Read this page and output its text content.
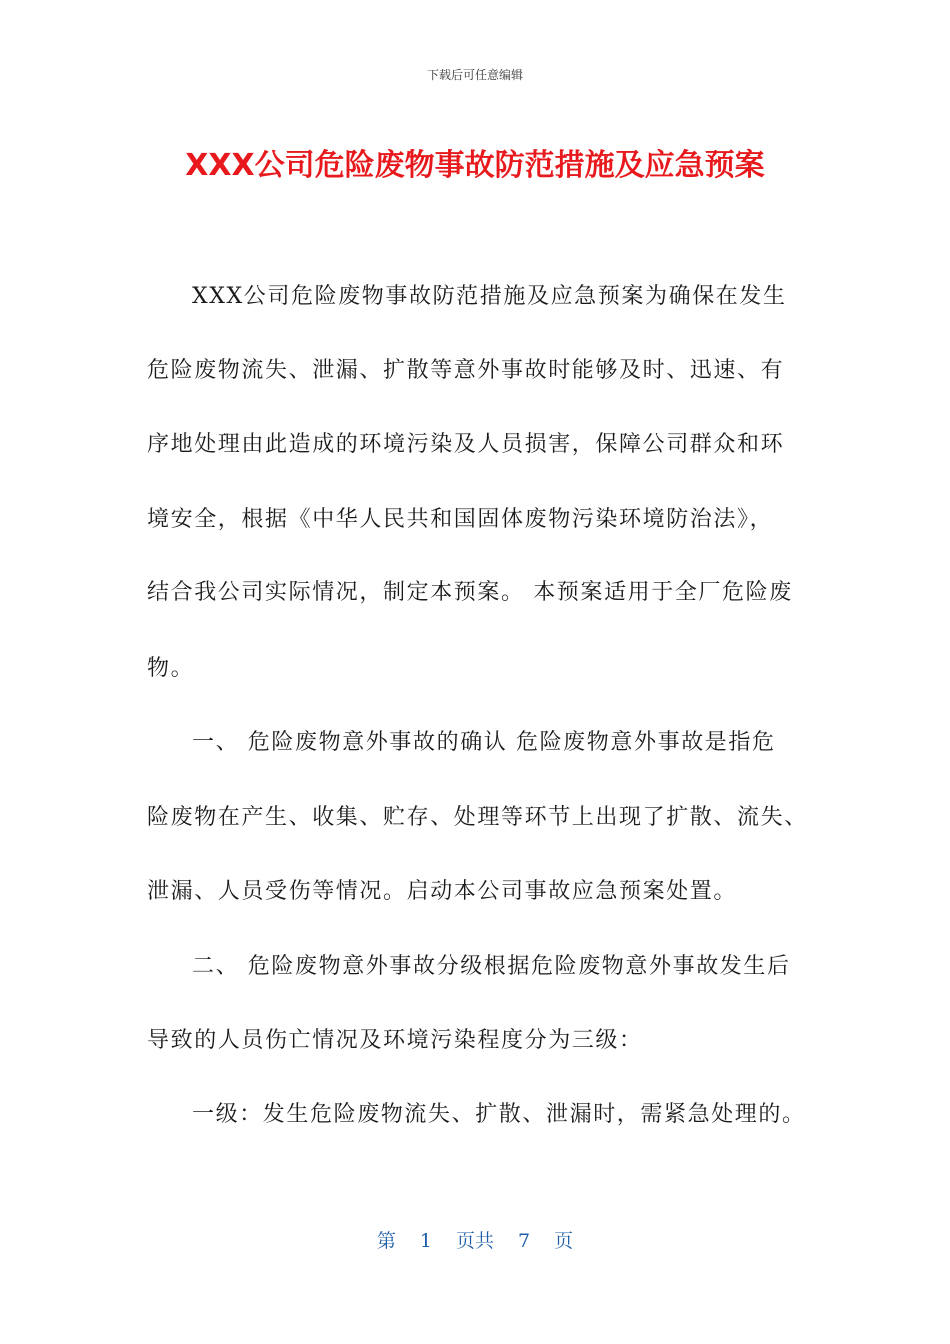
下载后可任意编辑
XXX公司危险废物事故防范措施及应急预案
XXX公司危险废物事故防范措施及应急预案为确保在发生
危险废物流失、泄漏、扩散等意外事故时能够及时、迅速、有
序地处理由此造成的环境污染及人员损害，保障公司群众和环
境安全，根据《中华人民共和国固体废物污染环境防治法》，
结合我公司实际情况，制定本预案。 本预案适用于全厂危险废
物。
一、 危险废物意外事故的确认 危险废物意外事故是指危
险废物在产生、收集、贮存、处理等环节上出现了扩散、流失、
泄漏、人员受伤等情况。启动本公司事故应急预案处置。
二、 危险废物意外事故分级根据危险废物意外事故发生后
导致的人员伤亡情况及环境污染程度分为三级：
一级：发生危险废物流失、扩散、泄漏时，需紧急处理的。
第 1 页共 7 页
